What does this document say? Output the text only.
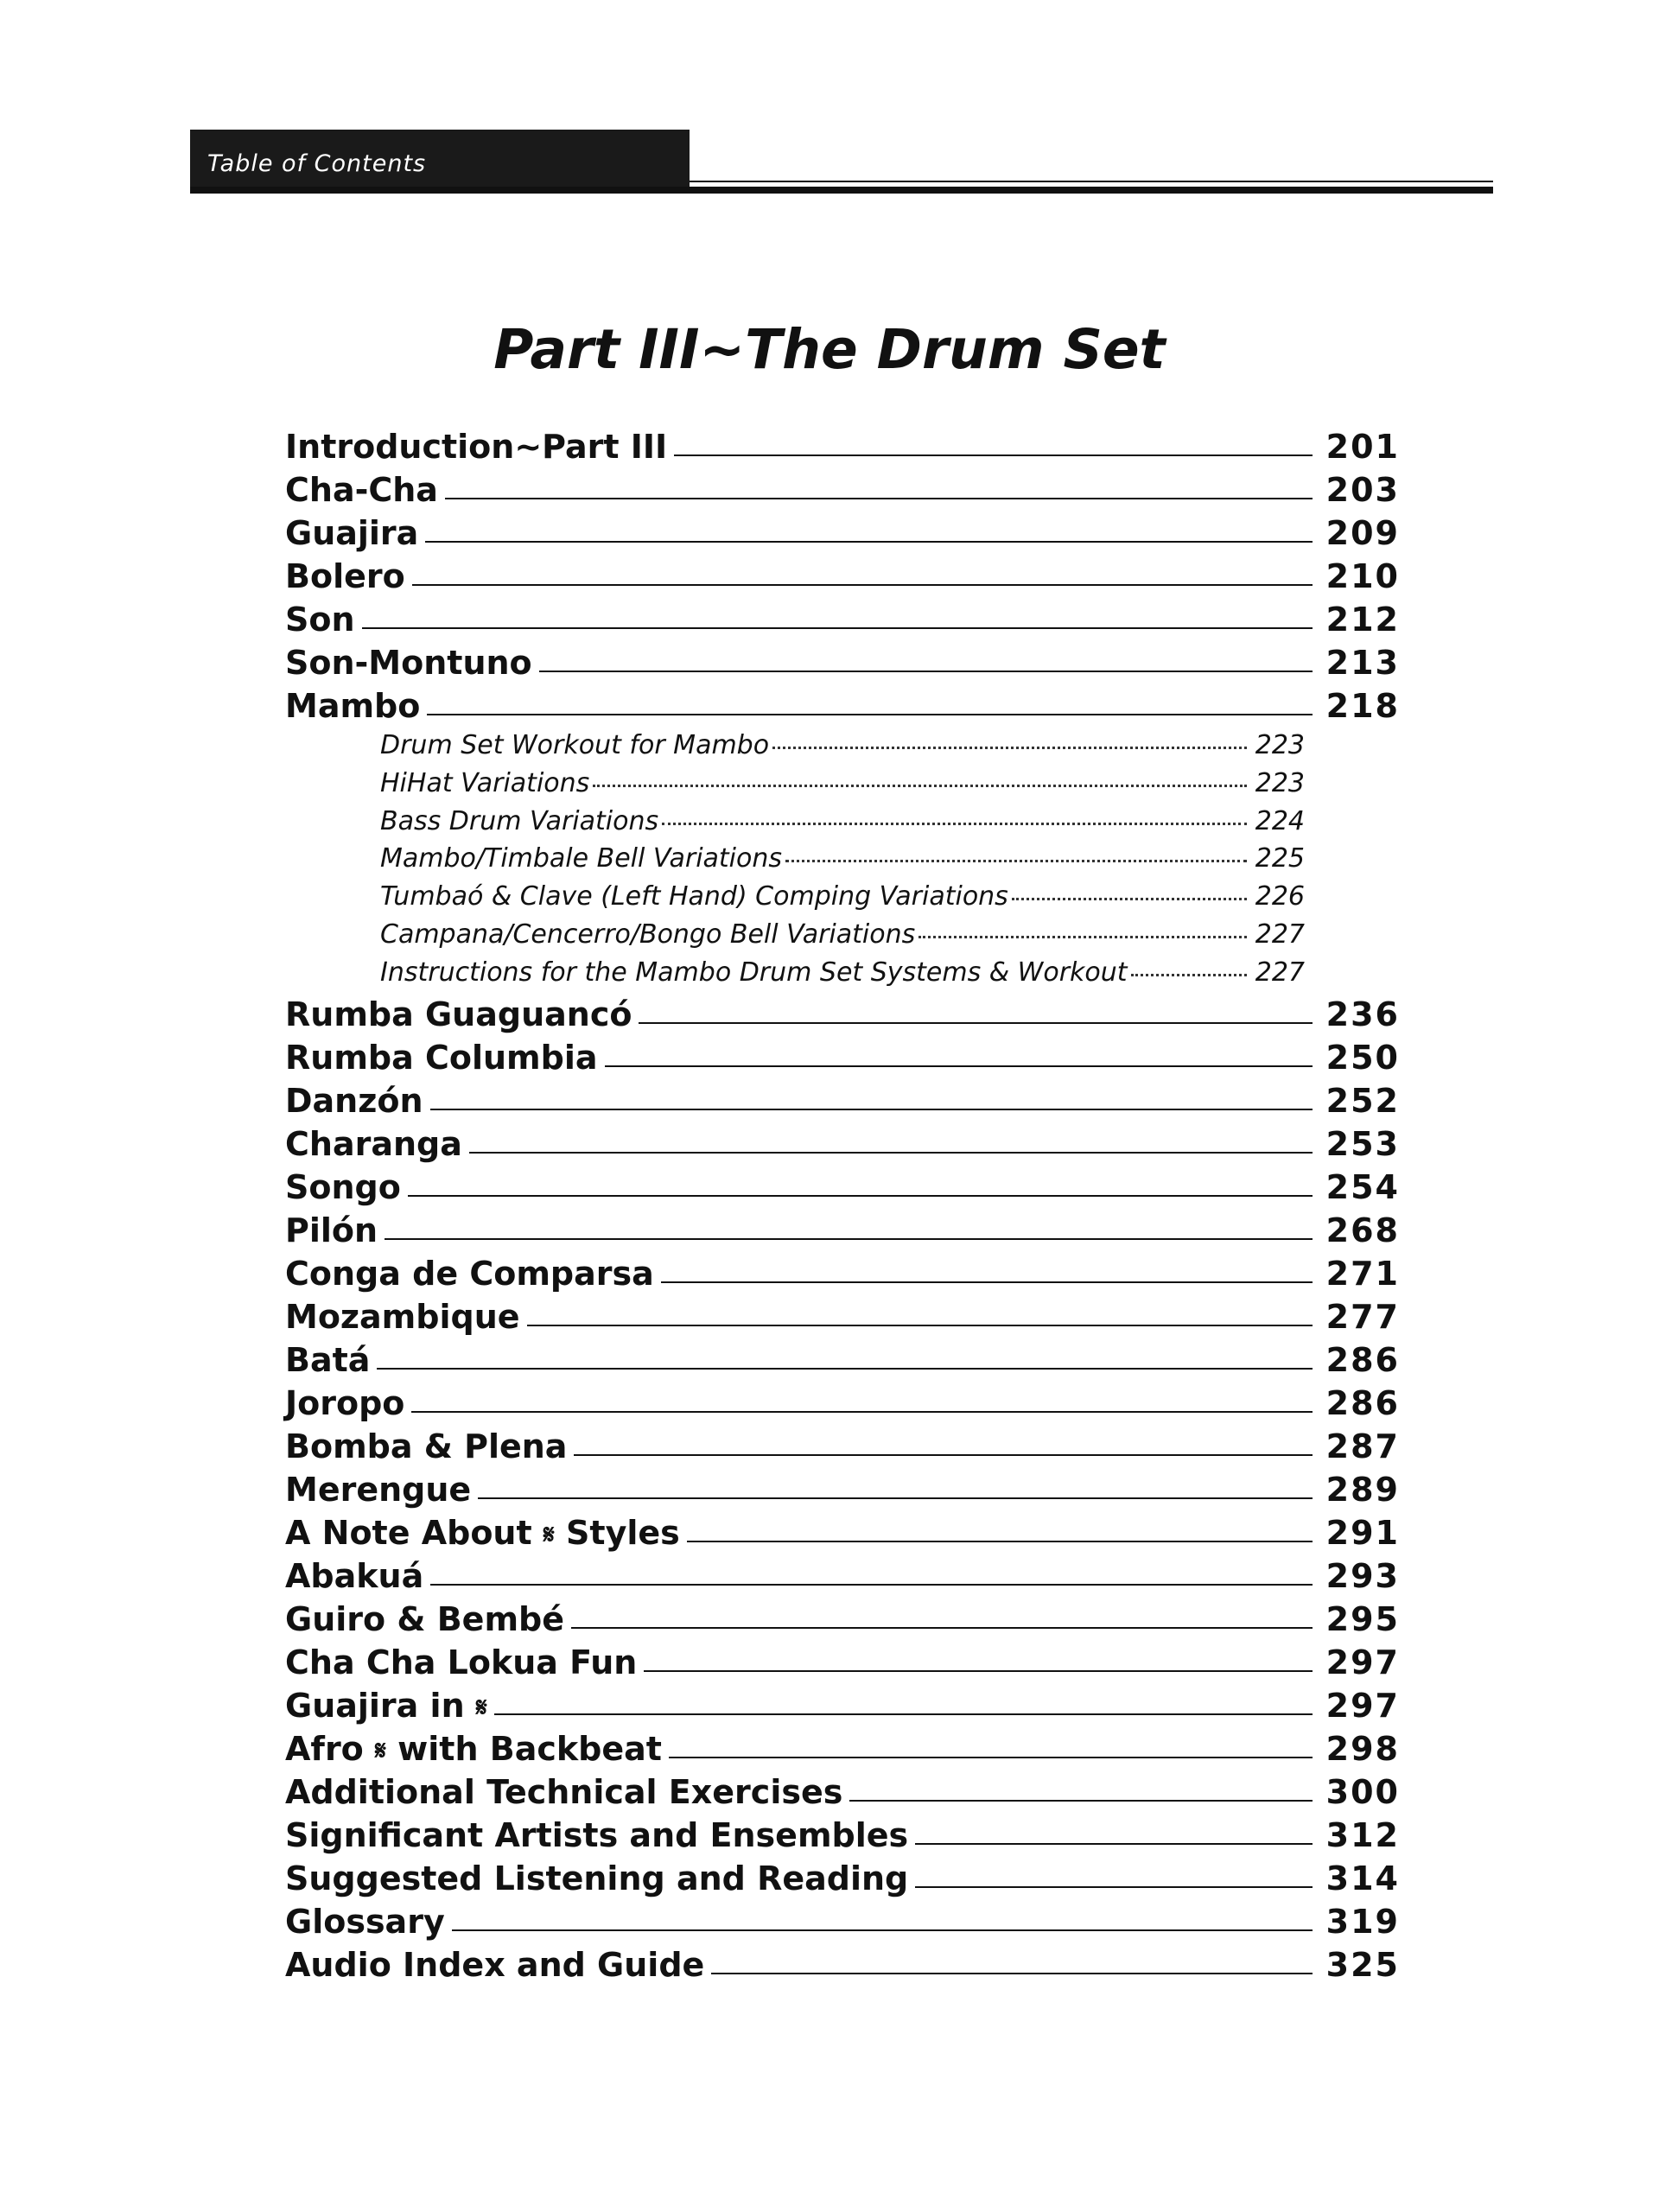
Table of Contents
Part III~The Drum Set
Introduction~Part III	201
Cha-Cha	203
Guajira	209
Bolero	210
Son	212
Son-Montuno	213
Mambo	218
Drum Set Workout for Mambo	223
HiHat Variations	223
Bass Drum Variations	224
Mambo/Timbale Bell Variations	225
Tumbaó & Clave (Left Hand) Comping Variations	226
Campana/Cencerro/Bongo Bell Variations	227
Instructions for the Mambo Drum Set Systems & Workout	227
Rumba Guaguancó	236
Rumba Columbia	250
Danzón	252
Charanga	253
Songo	254
Pilón	268
Conga de Comparsa	271
Mozambique	277
Batá	286
Joropo	286
Bomba & Plena	287
Merengue	289
A Note About 𝄋 Styles	291
Abakuá	293
Guiro & Bembé	295
Cha Cha Lokua Fun	297
Guajira in 𝄋	297
Afro 𝄋 with Backbeat	298
Additional Technical Exercises	300
Significant Artists and Ensembles	312
Suggested Listening and Reading	314
Glossary	319
Audio Index and Guide	325
